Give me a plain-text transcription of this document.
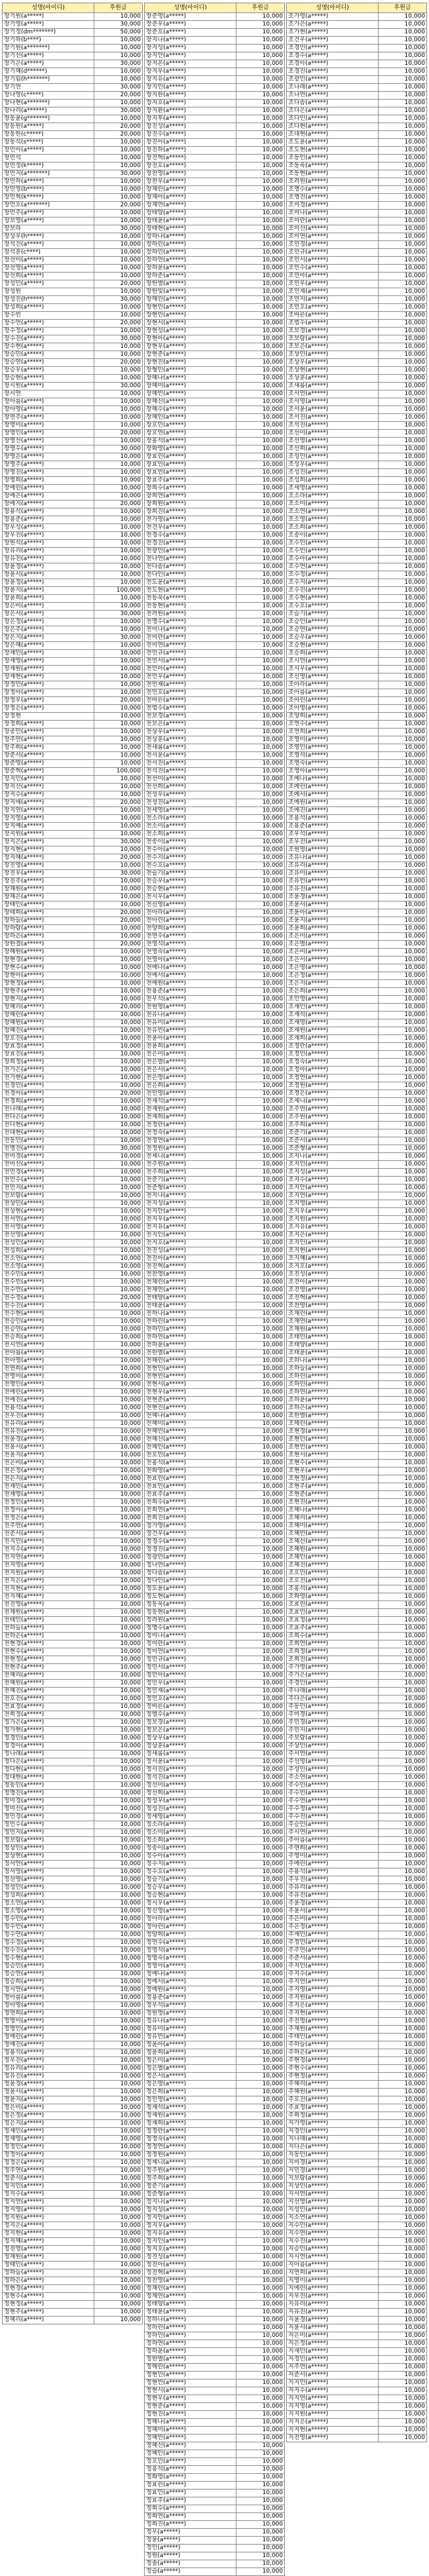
성명(아이디)	후원금
장기원(a*****)	10,000
장기영(a*****)	30,000
장기정(dm*******)	50,000
장기하(b****)	10,000
장기원(a*******)	10,000
장기선(a*****)	10,000
장기은(a*****)	30,000
장기혜(d******)	10,000
장기림(h*******)	10,000
장기연	30,000
장나영(c*****)	20,000
장나현(a*******)	10,000
장나리(a******)	30,000
장동윤(g*******)	10,000
장동원(a*****)	20,000
장동한(c*****)	20,000
장동석(s*****)	10,000
장민아(a*****)	10,000
장민석	10,000
장민정(k*****)	10,000
장민지(a*******)	30,000
장민하(a*****)	10,000
장민영(b*****)	10,000
장민혁(k*****)	10,000
장민호(a*******)	20,000
장민주(a*****)	10,000
장보영(a*****)	10,000
장보라	30,000
장상우(h*****)	10,000
장석진(a*****)	10,000
장석훈(c****)	10,000
장선미(a*****)	10,000
장선영(a*****)	10,000
장선희(a*****)	10,000
장성민(a*****)	20,000
장성원	10,000
장성진(h*****)	30,000
장성희(a*****)	10,000
장수빈	10,000
장수연(a*****)	20,000
장수정(a*****)	10,000
장수진(a*****)	30,000
장수현(a*****)	10,000
장승민(a*****)	10,000
장승연(a*****)	20,000
장승우(a*****)	10,000
장승현(a*****)	10,000
장시원(a*****)	30,000
장시연	10,000
장아름(a*****)	10,000
장아영(a*****)	10,000
장연주(a*****)	10,000
장영미(a*****)	10,000
장영민(a*****)	20,000
장영선(a*****)	10,000
장영수(a*****)	30,000
장영은(a*****)	10,000
장영주(a*****)	10,000
장영진(a*****)	10,000
장영희(a*****)	10,000
장예린(a*****)	10,000
장예은(a*****)	10,000
장예지(a*****)	20,000
장용석(a*****)	10,000
장용준(a*****)	10,000
장우성(a*****)	10,000
장우진(a*****)	10,000
장원석(a*****)	10,000
장유리(a*****)	10,000
장유진(a*****)	10,000
장윤경(a*****)	10,000
장윤서(a*****)	10,000
장윤정(a*****)	10,000
장윤지(a*****)	100,000
장윤희(a*****)	10,000
장은비(a*****)	10,000
장은서(a*****)	30,000
장은정(a*****)	10,000
장은주(a*****)	10,000
장은지(a*****)	30,000
장은혜(a*****)	10,000
장재민(a*****)	10,000
장재영(a*****)	10,000
장재원(a*****)	10,000
장재현(a*****)	10,000
장정민(a*****)	10,000
장정아(a*****)	10,000
장정우(a*****)	20,000
장정은(a*****)	10,000
장정현	10,000
장정희(a*****)	10,000
장종민(a*****)	10,000
장주연(a*****)	10,000
장주희(a*****)	10,000
장준서(a*****)	10,000
장준영(a*****)	10,000
장준혁(a*****)	100,000
장지민(a*****)	10,000
장지선(a*****)	10,000
장지수(a*****)	10,000
장지애(a*****)	20,000
장지연(a*****)	10,000
장지영(a*****)	10,000
장지예(a*****)	10,000
장지원(a*****)	10,000
장지은(a*****)	30,000
장지현(a*****)	10,000
장지혜(a*****)	20,000
장진영(a*****)	10,000
장진우(a*****)	30,000
장진주(a*****)	10,000
장채원(a*****)	10,000
장채은(a*****)	10,000
장태민(a*****)	10,000
장태희(a*****)	20,000
장하늘(a*****)	20,000
장하람(a*****)	10,000
장하은(a*****)	10,000
장한결(a*****)	20,000
장해원(a*****)	10,000
장현경(a*****)	10,000
장현수(a*****)	10,000
장현아(a*****)	10,000
장현정(a*****)	10,000
장현주(a*****)	10,000
장현지(a*****)	10,000
장혜리(a*****)	20,000
장혜린(a*****)	10,000
장혜원(a*****)	10,000
장혜진(a*****)	10,000
장호진(a*****)	10,000
장효정(a*****)	10,000
장효진(a*****)	10,000
장희정(a*****)	10,000
전가은(a*****)	10,000
전가현(a*****)	10,000
전경민(a*****)	10,000
전경아(a*****)	20,000
전경희(a*****)	10,000
전나래(a*****)	10,000
전다은(a*****)	10,000
전다현(a*****)	10,000
전대현(a*****)	10,000
전동민(a*****)	10,000
전명진(a*****)	30,000
전미경(a*****)	10,000
전미선(a*****)	10,000
전민경(a*****)	10,000
전민수(a*****)	10,000
전민지(a*****)	10,000
전보람(a*****)	10,000
전상민(a*****)	10,000
전상현(a*****)	10,000
전서연(a*****)	10,000
전서영(a*****)	10,000
전선영(a*****)	10,000
전성민(a*****)	10,000
전성희(a*****)	10,000
전소연(a*****)	10,000
전소영(a*****)	10,000
전수민(a*****)	10,000
전수빈(a*****)	10,000
전수연(a*****)	10,000
전수정(a*****)	20,000
전수진(a*****)	10,000
전수현(a*****)	10,000
전승민(a*****)	10,000
전승연(a*****)	10,000
전승희(a*****)	10,000
전시연(a*****)	10,000
전아름(a*****)	10,000
전아영(a*****)	10,000
전연희(a*****)	10,000
전영미(a*****)	10,000
전영민(a*****)	10,000
전예린(a*****)	10,000
전예진(a*****)	10,000
전용석(a*****)	10,000
전우진(a*****)	10,000
전유리(a*****)	10,000
전유진(a*****)	10,000
전윤경(a*****)	10,000
전윤서(a*****)	10,000
전윤지(a*****)	10,000
전은비(a*****)	10,000
전은정(a*****)	10,000
전은지(a*****)	10,000
전재민(a*****)	10,000
전재영(a*****)	10,000
전정민(a*****)	10,000
전정아(a*****)	10,000
전정은(a*****)	10,000
전주연(a*****)	10,000
전준서(a*****)	10,000
전지민(a*****)	10,000
전지수(a*****)	10,000
전지연(a*****)	10,000
전지영(a*****)	10,000
전지원(a*****)	10,000
전지은(a*****)	10,000
전지현(a*****)	10,000
전지혜(a*****)	10,000
전진영(a*****)	10,000
전채원(a*****)	10,000
전태민(a*****)	10,000
전하늘(a*****)	10,000
전하은(a*****)	10,000
전현경(a*****)	10,000
전현수(a*****)	10,000
전현정(a*****)	10,000
전현주(a*****)	10,000
전혜리(a*****)	10,000
전혜원(a*****)	10,000
전혜진(a*****)	10,000
전호진(a*****)	10,000
전효정(a*****)	10,000
전희정(a*****)	10,000
정가은(a*****)	10,000
정가현(a*****)	10,000
정경민(a*****)	10,000
정경아(a*****)	10,000
정나래(a*****)	10,000
정다은(a*****)	10,000
정다현(a*****)	10,000
정대현(a*****)	10,000
정동민(a*****)	10,000
정명진(a*****)	10,000
정미경(a*****)	10,000
정미선(a*****)	10,000
정민경(a*****)	10,000
정민수(a*****)	10,000
정민지(a*****)	10,000
정보람(a*****)	10,000
정상민(a*****)	10,000
정상현(a*****)	10,000
정서연(a*****)	10,000
정서영(a*****)	10,000
정선영(a*****)	10,000
정성민(a*****)	10,000
정성희(a*****)	10,000
정소연(a*****)	10,000
정소영(a*****)	10,000
정수민(a*****)	10,000
정수빈(a*****)	10,000
정수연(a*****)	10,000
정수정(a*****)	10,000
정수진(a*****)	10,000
정수현(a*****)	10,000
정승민(a*****)	10,000
정승연(a*****)	10,000
정승희(a*****)	10,000
정시연(a*****)	10,000
정아름(a*****)	10,000
정아영(a*****)	10,000
정연희(a*****)	10,000
정영미(a*****)	10,000
정영민(a*****)	10,000
정예린(a*****)	10,000
정예진(a*****)	10,000
정용석(a*****)	10,000
정우진(a*****)	10,000
정유리(a*****)	10,000
정유진(a*****)	10,000
정윤경(a*****)	10,000
정윤서(a*****)	10,000
정윤지(a*****)	10,000
정은비(a*****)	10,000
정은정(a*****)	10,000
정은지(a*****)	10,000
정재민(a*****)	10,000
정재영(a*****)	10,000
정정민(a*****)	10,000
정정아(a*****)	10,000
정정은(a*****)	10,000
정주연(a*****)	10,000
정준서(a*****)	10,000
정지민(a*****)	10,000
정지수(a*****)	10,000
정지연(a*****)	10,000
정지영(a*****)	10,000
정지원(a*****)	10,000
정지은(a*****)	10,000
정지현(a*****)	10,000
정지혜(a*****)	10,000
정진영(a*****)	10,000
정채원(a*****)	10,000
정태민(a*****)	10,000
정하늘(a*****)	10,000
정하은(a*****)	10,000
정현경(a*****)	10,000
정현수(a*****)	10,000
정현정(a*****)	10,000
정현주(a*****)	10,000
정혜리(a*****)	10,000
성명(아이디)	후원금
장준영(a*****)	10,000
장준우(a*****)	10,000
장준호(a*****)	10,000
장지나(a*****)	10,000
장지성(a*****)	10,000
장지안(a*****)	10,000
장지온(a*****)	10,000
장지우(a*****)	10,000
장지유(a*****)	10,000
장지인(a*****)	10,000
장지한(a*****)	10,000
장지호(a*****)	10,000
장지환(a*****)	10,000
장지후(a*****)	10,000
장진성(a*****)	10,000
장진수(a*****)	10,000
장진아(a*****)	10,000
장진하(a*****)	10,000
장진혁(a*****)	10,000
장진호(a*****)	10,000
장찬영(a*****)	10,000
장찬우(a*****)	10,000
장채린(a*****)	10,000
장채아(a*****)	10,000
장채연(a*****)	10,000
장태양(a*****)	10,000
장태윤(a*****)	10,000
장태현(a*****)	10,000
장하나(a*****)	10,000
장하린(a*****)	10,000
장하민(a*****)	10,000
장하연(a*****)	10,000
장하윤(a*****)	10,000
장하준(a*****)	10,000
장한별(a*****)	10,000
장한빛(a*****)	10,000
장해린(a*****)	10,000
장현민(a*****)	10,000
장현빈(a*****)	10,000
장현서(a*****)	10,000
장현성(a*****)	10,000
장현아(a*****)	10,000
장현우(a*****)	10,000
장현준(a*****)	10,000
장현진(a*****)	10,000
장형민(a*****)	10,000
장혜나(a*****)	10,000
장혜미(a*****)	10,000
장혜빈(a*****)	10,000
장혜선(a*****)	10,000
장혜수(a*****)	10,000
장혜인(a*****)	10,000
장호민(a*****)	10,000
장호연(a*****)	10,000
장홍석(a*****)	10,000
장화영(a*****)	10,000
장효린(a*****)	10,000
장효민(a*****)	10,000
장효빈(a*****)	10,000
장효주(a*****)	10,000
장희수(a*****)	10,000
장희연(a*****)	10,000
장희원(a*****)	10,000
장희진(a*****)	10,000
전가영(a*****)	10,000
전건우(a*****)	10,000
전경수(a*****)	10,000
전경진(a*****)	10,000
전광민(a*****)	10,000
전나연(a*****)	10,000
전다솜(a*****)	10,000
전다인(a*****)	10,000
전도윤(a*****)	10,000
전도현(a*****)	10,000
전동욱(a*****)	10,000
전동현(a*****)	10,000
전려원(a*****)	10,000
전명수(a*****)	10,000
전미나(a*****)	10,000
전미란(a*****)	10,000
전미연(a*****)	10,000
전민규(a*****)	10,000
전민서(a*****)	10,000
전민아(a*****)	10,000
전민우(a*****)	10,000
전민재(a*****)	10,000
전민호(a*****)	10,000
전바른(a*****)	10,000
전범수(a*****)	10,000
전보경(a*****)	10,000
전보은(a*****)	10,000
전상우(a*****)	10,000
전상훈(a*****)	10,000
전새롬(a*****)	10,000
전서윤(a*****)	10,000
전서진(a*****)	10,000
전석진(a*****)	10,000
전선미(a*****)	10,000
전선희(a*****)	10,000
전성우(a*****)	10,000
전성진(a*****)	10,000
전세영(a*****)	10,000
전소라(a*****)	10,000
전소미(a*****)	10,000
전소희(a*****)	10,000
전송이(a*****)	10,000
전수아(a*****)	10,000
전수지(a*****)	10,000
전수호(a*****)	10,000
전슬기(a*****)	10,000
전승우(a*****)	10,000
전승현(a*****)	10,000
전시우(a*****)	10,000
전신영(a*****)	10,000
전아라(a*****)	10,000
전아린(a*****)	10,000
전양희(a*****)	10,000
전연수(a*****)	10,000
전영석(a*****)	10,000
전영숙(a*****)	10,000
전영아(a*****)	10,000
전예나(a*****)	10,000
전예서(a*****)	10,000
전예원(a*****)	10,000
전용준(a*****)	10,000
전우석(a*****)	10,000
전원영(a*****)	10,000
전유나(a*****)	10,000
전유미(a*****)	10,000
전유빈(a*****)	10,000
전윤아(a*****)	10,000
전윤희(a*****)	10,000
전은미(a*****)	10,000
전은별(a*****)	10,000
전은서(a*****)	10,000
전은영(a*****)	10,000
전은희(a*****)	10,000
전인영(a*****)	10,000
전재석(a*****)	10,000
전재원(a*****)	10,000
전재희(a*****)	10,000
전정란(a*****)	10,000
전정숙(a*****)	10,000
전정연(a*****)	10,000
전정원(a*****)	10,000
전제니(a*****)	10,000
전주원(a*****)	10,000
전주희(a*****)	10,000
전준기(a*****)	10,000
전준형(a*****)	10,000
전지나(a*****)	10,000
전지성(a*****)	10,000
전지안(a*****)	10,000
전지우(a*****)	10,000
전지유(a*****)	10,000
전지인(a*****)	10,000
전지호(a*****)	10,000
전진성(a*****)	10,000
전진아(a*****)	10,000
전진혁(a*****)	10,000
전찬영(a*****)	10,000
전채린(a*****)	10,000
전채연(a*****)	10,000
전태양(a*****)	10,000
전태윤(a*****)	10,000
전하나(a*****)	10,000
전하린(a*****)	10,000
전하민(a*****)	10,000
전하연(a*****)	10,000
전하윤(a*****)	10,000
전한별(a*****)	10,000
전해린(a*****)	10,000
전현민(a*****)	10,000
전현빈(a*****)	10,000
전현서(a*****)	10,000
전현우(a*****)	10,000
전현준(a*****)	10,000
전현진(a*****)	10,000
전혜나(a*****)	10,000
전혜미(a*****)	10,000
전혜빈(a*****)	10,000
전혜선(a*****)	10,000
전혜인(a*****)	10,000
전호민(a*****)	10,000
전홍석(a*****)	10,000
전화영(a*****)	10,000
전효린(a*****)	10,000
전효민(a*****)	10,000
전효주(a*****)	10,000
전희수(a*****)	10,000
전희연(a*****)	10,000
전희진(a*****)	10,000
정가영(a*****)	10,000
정건우(a*****)	10,000
정경수(a*****)	10,000
정경진(a*****)	10,000
정광민(a*****)	10,000
정나연(a*****)	10,000
정다솜(a*****)	10,000
정다인(a*****)	10,000
정도윤(a*****)	10,000
정도현(a*****)	10,000
정동욱(a*****)	10,000
정동현(a*****)	10,000
정려원(a*****)	10,000
정명수(a*****)	10,000
정미나(a*****)	10,000
정미란(a*****)	10,000
정미연(a*****)	10,000
정민규(a*****)	10,000
정민서(a*****)	10,000
정민아(a*****)	10,000
정민우(a*****)	10,000
정민재(a*****)	10,000
정민호(a*****)	10,000
정바른(a*****)	10,000
정범수(a*****)	10,000
정보경(a*****)	10,000
정보은(a*****)	10,000
정상우(a*****)	10,000
정상훈(a*****)	10,000
정새롬(a*****)	10,000
정서윤(a*****)	10,000
정서진(a*****)	10,000
정석진(a*****)	10,000
정선미(a*****)	10,000
정선희(a*****)	10,000
정성우(a*****)	10,000
정성진(a*****)	10,000
정세영(a*****)	10,000
정소라(a*****)	10,000
정소미(a*****)	10,000
정소희(a*****)	10,000
정송이(a*****)	10,000
정수아(a*****)	10,000
정수지(a*****)	10,000
정수호(a*****)	10,000
정슬기(a*****)	10,000
정승우(a*****)	10,000
정승현(a*****)	10,000
정시우(a*****)	10,000
정신영(a*****)	10,000
정아라(a*****)	10,000
정아린(a*****)	10,000
정양희(a*****)	10,000
정연수(a*****)	10,000
정영석(a*****)	10,000
정영숙(a*****)	10,000
정영아(a*****)	10,000
정예나(a*****)	10,000
정예서(a*****)	10,000
정예원(a*****)	10,000
정용준(a*****)	10,000
정우석(a*****)	10,000
정원영(a*****)	10,000
정유나(a*****)	10,000
정유미(a*****)	10,000
정유빈(a*****)	10,000
정윤아(a*****)	10,000
정윤희(a*****)	10,000
정은미(a*****)	10,000
정은별(a*****)	10,000
정은서(a*****)	10,000
정은영(a*****)	10,000
정은희(a*****)	10,000
정인영(a*****)	10,000
정재석(a*****)	10,000
정재원(a*****)	10,000
정재희(a*****)	10,000
정정란(a*****)	10,000
정정숙(a*****)	10,000
정정연(a*****)	10,000
정정원(a*****)	10,000
정제니(a*****)	10,000
정주원(a*****)	10,000
정주희(a*****)	10,000
정준기(a*****)	10,000
정준형(a*****)	10,000
정지나(a*****)	10,000
정지성(a*****)	10,000
정지안(a*****)	10,000
정지우(a*****)	10,000
정지유(a*****)	10,000
정지인(a*****)	10,000
정지호(a*****)	10,000
정진성(a*****)	10,000
정진아(a*****)	10,000
정진혁(a*****)	10,000
정찬영(a*****)	10,000
정채린(a*****)	10,000
정채연(a*****)	10,000
정태양(a*****)	10,000
정태윤(a*****)	10,000
정하나(a*****)	10,000
정하린(a*****)	10,000
정하민(a*****)	10,000
정하연(a*****)	10,000
정하윤(a*****)	10,000
정한별(a*****)	10,000
정해린(a*****)	10,000
정현민(a*****)	10,000
정현빈(a*****)	10,000
정현서(a*****)	10,000
정현우(a*****)	10,000
정현준(a*****)	10,000
정현진(a*****)	10,000
정혜나(a*****)	10,000
정혜미(a*****)	10,000
정혜빈(a*****)	10,000
정혜선(a*****)	10,000
정혜인(a*****)	10,000
정호민(a*****)	10,000
정홍석(a*****)	10,000
정화영(a*****)	10,000
정효린(a*****)	10,000
정효민(a*****)	10,000
정효주(a*****)	10,000
정희수(a*****)	10,000
정희연(a*****)	10,000
정희진(a*****)	10,000
정우(a*****)	10,000
정윤(a*****)	10,000
정인(a*****)	10,000
정원(a*****)	10,000
정솔(a*****)	10,000
정슬(a*****)	10,000
성명(아이디)	후원금
조가영(a*****)	10,000
조가은(a*****)	10,000
조가현(a*****)	10,000
조건우(a*****)	10,000
조경민(a*****)	10,000
조경수(a*****)	10,000
조경아(a*****)	10,000
조경진(a*****)	10,000
조광민(a*****)	10,000
조나래(a*****)	10,000
조나연(a*****)	10,000
조다솜(a*****)	10,000
조다은(a*****)	10,000
조다인(a*****)	10,000
조다현(a*****)	10,000
조대현(a*****)	10,000
조도윤(a*****)	10,000
조도현(a*****)	10,000
조동민(a*****)	10,000
조동욱(a*****)	10,000
조동현(a*****)	10,000
조려원(a*****)	10,000
조명수(a*****)	10,000
조명진(a*****)	10,000
조미경(a*****)	10,000
조미나(a*****)	10,000
조미란(a*****)	10,000
조미선(a*****)	10,000
조미연(a*****)	10,000
조민경(a*****)	10,000
조민규(a*****)	10,000
조민서(a*****)	10,000
조민수(a*****)	10,000
조민아(a*****)	10,000
조민우(a*****)	10,000
조민재(a*****)	10,000
조민지(a*****)	10,000
조민호(a*****)	10,000
조바른(a*****)	10,000
조범수(a*****)	10,000
조보경(a*****)	10,000
조보람(a*****)	10,000
조보은(a*****)	10,000
조상민(a*****)	10,000
조상우(a*****)	10,000
조상현(a*****)	10,000
조상훈(a*****)	10,000
조새롬(a*****)	10,000
조서연(a*****)	10,000
조서영(a*****)	10,000
조서윤(a*****)	10,000
조서진(a*****)	10,000
조석진(a*****)	10,000
조선미(a*****)	10,000
조선영(a*****)	10,000
조선희(a*****)	10,000
조성민(a*****)	10,000
조성우(a*****)	10,000
조성진(a*****)	10,000
조성희(a*****)	10,000
조세영(a*****)	10,000
조소라(a*****)	10,000
조소미(a*****)	10,000
조소연(a*****)	10,000
조소영(a*****)	10,000
조소희(a*****)	10,000
조송이(a*****)	10,000
조수민(a*****)	10,000
조수빈(a*****)	10,000
조수아(a*****)	10,000
조수연(a*****)	10,000
조수정(a*****)	10,000
조수지(a*****)	10,000
조수진(a*****)	10,000
조수현(a*****)	10,000
조수호(a*****)	10,000
조슬기(a*****)	10,000
조승민(a*****)	10,000
조승연(a*****)	10,000
조승우(a*****)	10,000
조승현(a*****)	10,000
조승희(a*****)	10,000
조시연(a*****)	10,000
조시우(a*****)	10,000
조신영(a*****)	10,000
조아라(a*****)	10,000
조아름(a*****)	10,000
조아린(a*****)	10,000
조아영(a*****)	10,000
조양희(a*****)	10,000
조연수(a*****)	10,000
조연희(a*****)	10,000
조영미(a*****)	10,000
조영민(a*****)	10,000
조영석(a*****)	10,000
조영숙(a*****)	10,000
조영아(a*****)	10,000
조예나(a*****)	10,000
조예린(a*****)	10,000
조예서(a*****)	10,000
조예원(a*****)	10,000
조예진(a*****)	10,000
조용석(a*****)	10,000
조용준(a*****)	10,000
조우석(a*****)	10,000
조우진(a*****)	10,000
조원영(a*****)	10,000
조유나(a*****)	10,000
조유리(a*****)	10,000
조유미(a*****)	10,000
조유빈(a*****)	10,000
조유진(a*****)	10,000
조윤경(a*****)	10,000
조윤서(a*****)	10,000
조윤아(a*****)	10,000
조윤지(a*****)	10,000
조윤희(a*****)	10,000
조은미(a*****)	10,000
조은별(a*****)	10,000
조은비(a*****)	10,000
조은서(a*****)	10,000
조은영(a*****)	10,000
조은정(a*****)	10,000
조은지(a*****)	10,000
조은희(a*****)	10,000
조인영(a*****)	10,000
조재민(a*****)	10,000
조재석(a*****)	10,000
조재영(a*****)	10,000
조재원(a*****)	10,000
조재희(a*****)	10,000
조정란(a*****)	10,000
조정민(a*****)	10,000
조정숙(a*****)	10,000
조정아(a*****)	10,000
조정연(a*****)	10,000
조정원(a*****)	10,000
조정은(a*****)	10,000
조제니(a*****)	10,000
조주연(a*****)	10,000
조주원(a*****)	10,000
조주희(a*****)	10,000
조준기(a*****)	10,000
조준서(a*****)	10,000
조준형(a*****)	10,000
조지나(a*****)	10,000
조지민(a*****)	10,000
조지성(a*****)	10,000
조지수(a*****)	10,000
조지안(a*****)	10,000
조지연(a*****)	10,000
조지영(a*****)	10,000
조지우(a*****)	10,000
조지원(a*****)	10,000
조지유(a*****)	10,000
조지은(a*****)	10,000
조지인(a*****)	10,000
조지현(a*****)	10,000
조지혜(a*****)	10,000
조지호(a*****)	10,000
조진성(a*****)	10,000
조진아(a*****)	10,000
조진영(a*****)	10,000
조진혁(a*****)	10,000
조찬영(a*****)	10,000
조채린(a*****)	10,000
조채연(a*****)	10,000
조채원(a*****)	10,000
조태민(a*****)	10,000
조태양(a*****)	10,000
조태윤(a*****)	10,000
조하나(a*****)	10,000
조하늘(a*****)	10,000
조하린(a*****)	10,000
조하민(a*****)	10,000
조하연(a*****)	10,000
조하윤(a*****)	10,000
조하은(a*****)	10,000
조한별(a*****)	10,000
조해린(a*****)	10,000
조현경(a*****)	10,000
조현민(a*****)	10,000
조현빈(a*****)	10,000
조현서(a*****)	10,000
조현수(a*****)	10,000
조현우(a*****)	10,000
조현정(a*****)	10,000
조현주(a*****)	10,000
조현준(a*****)	10,000
조현진(a*****)	10,000
조혜나(a*****)	10,000
조혜리(a*****)	10,000
조혜미(a*****)	10,000
조혜빈(a*****)	10,000
조혜선(a*****)	10,000
조혜원(a*****)	10,000
조혜인(a*****)	10,000
조혜진(a*****)	10,000
조호민(a*****)	10,000
조호진(a*****)	10,000
조홍석(a*****)	10,000
조화영(a*****)	10,000
조효린(a*****)	10,000
조효민(a*****)	10,000
조효정(a*****)	10,000
조효주(a*****)	10,000
조희수(a*****)	10,000
조희연(a*****)	10,000
조희정(a*****)	10,000
조희진(a*****)	10,000
주가영(a*****)	10,000
주가은(a*****)	10,000
주경민(a*****)	10,000
주나래(a*****)	10,000
주다은(a*****)	10,000
주동민(a*****)	10,000
주미경(a*****)	10,000
주민경(a*****)	10,000
주민지(a*****)	10,000
주보람(a*****)	10,000
주상민(a*****)	10,000
주서연(a*****)	10,000
주선영(a*****)	10,000
주성민(a*****)	10,000
주소연(a*****)	10,000
주수민(a*****)	10,000
주수빈(a*****)	10,000
주수연(a*****)	10,000
주수정(a*****)	10,000
주수진(a*****)	10,000
주승민(a*****)	10,000
주시연(a*****)	10,000
주아름(a*****)	10,000
주연희(a*****)	10,000
주영미(a*****)	10,000
주예린(a*****)	10,000
주용석(a*****)	10,000
주우진(a*****)	10,000
주유리(a*****)	10,000
주유진(a*****)	10,000
주윤경(a*****)	10,000
주윤서(a*****)	10,000
주은비(a*****)	10,000
주은정(a*****)	10,000
주재민(a*****)	10,000
주정민(a*****)	10,000
주주연(a*****)	10,000
주준서(a*****)	10,000
주지민(a*****)	10,000
주지수(a*****)	10,000
주지연(a*****)	10,000
주지영(a*****)	10,000
주지원(a*****)	10,000
주지은(a*****)	10,000
주지현(a*****)	10,000
주진영(a*****)	10,000
주채원(a*****)	10,000
주태민(a*****)	10,000
주하늘(a*****)	10,000
주하은(a*****)	10,000
주현경(a*****)	10,000
주현수(a*****)	10,000
주현정(a*****)	10,000
주혜리(a*****)	10,000
주혜원(a*****)	10,000
주호진(a*****)	10,000
주효정(a*****)	10,000
주희정(a*****)	10,000
지가영(a*****)	10,000
지경민(a*****)	10,000
지나래(a*****)	10,000
지다은(a*****)	10,000
지동민(a*****)	10,000
지미경(a*****)	10,000
지민경(a*****)	10,000
지보람(a*****)	10,000
지상민(a*****)	10,000
지서연(a*****)	10,000
지선영(a*****)	10,000
지성민(a*****)	10,000
지소연(a*****)	10,000
지수민(a*****)	10,000
지수연(a*****)	10,000
지수진(a*****)	10,000
지승민(a*****)	10,000
지시연(a*****)	10,000
지아름(a*****)	10,000
지연희(a*****)	10,000
지영미(a*****)	10,000
지예린(a*****)	10,000
지우진(a*****)	10,000
지유리(a*****)	10,000
지유진(a*****)	10,000
지윤경(a*****)	10,000
지윤서(a*****)	10,000
지은비(a*****)	10,000
지은정(a*****)	10,000
지재민(a*****)	10,000
지정민(a*****)	10,000
지주연(a*****)	10,000
지준서(a*****)	10,000
지지민(a*****)	10,000
지지수(a*****)	10,000
지지연(a*****)	10,000
지지영(a*****)	10,000
지지원(a*****)	10,000
지지은(a*****)	10,000
지지현(a*****)	10,000
지진영(a*****)	10,000
